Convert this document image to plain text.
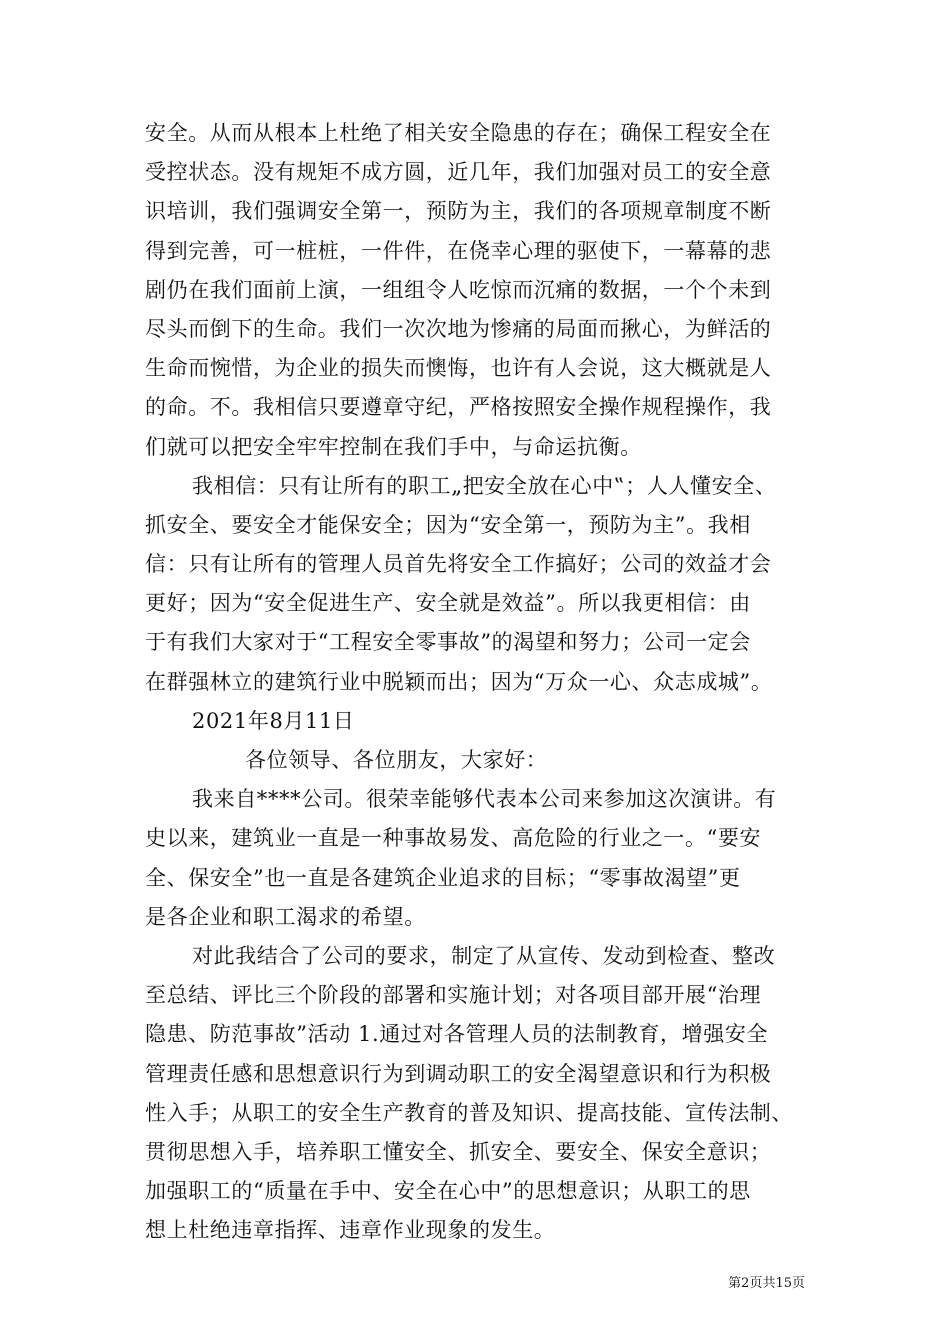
安全。从而从根本上杜绝了相关安全隐患的存在；确保工程安全在
受控状态。没有规矩不成方圆，近几年，我们加强对员工的安全意
识培训，我们强调安全第一，预防为主，我们的各项规章制度不断
得到完善，可一桩桩，一件件，在侥幸心理的驱使下，一幕幕的悲
剧仍在我们面前上演，一组组令人吃惊而沉痛的数据，一个个未到
尽头而倒下的生命。我们一次次地为惨痛的局面而揪心，为鲜活的
生命而惋惜，为企业的损失而懊悔，也许有人会说，这大概就是人
的命。不。我相信只要遵章守纪，严格按照安全操作规程操作，我
们就可以把安全牢牢控制在我们手中，与命运抗衡。
我相信：只有让所有的职工„把安全放在心中‟；人人懂安全、
抓安全、要安全才能保安全；因为“安全第一，预防为主”。我相
信：只有让所有的管理人员首先将安全工作搞好；公司的效益才会
更好；因为“安全促进生产、安全就是效益”。所以我更相信：由
于有我们大家对于“工程安全零事故”的渴望和努力；公司一定会
在群强林立的建筑行业中脱颖而出；因为“万众一心、众志成城”。
2021年8月11日
各位领导、各位朋友，大家好：
我来自****公司。很荣幸能够代表本公司来参加这次演讲。有
史以来，建筑业一直是一种事故易发、高危险的行业之一。“要安
全、保安全”也一直是各建筑企业追求的目标；“零事故渴望”更
是各企业和职工渴求的希望。
对此我结合了公司的要求，制定了从宣传、发动到检查、整改
至总结、评比三个阶段的部署和实施计划；对各项目部开展“治理
隐患、防范事故”活动 1.通过对各管理人员的法制教育，增强安全
管理责任感和思想意识行为到调动职工的安全渴望意识和行为积极
性入手；从职工的安全生产教育的普及知识、提高技能、宣传法制、
贯彻思想入手，培养职工懂安全、抓安全、要安全、保安全意识；
加强职工的“质量在手中、安全在心中”的思想意识；从职工的思
想上杜绝违章指挥、违章作业现象的发生。
第2页共15页
